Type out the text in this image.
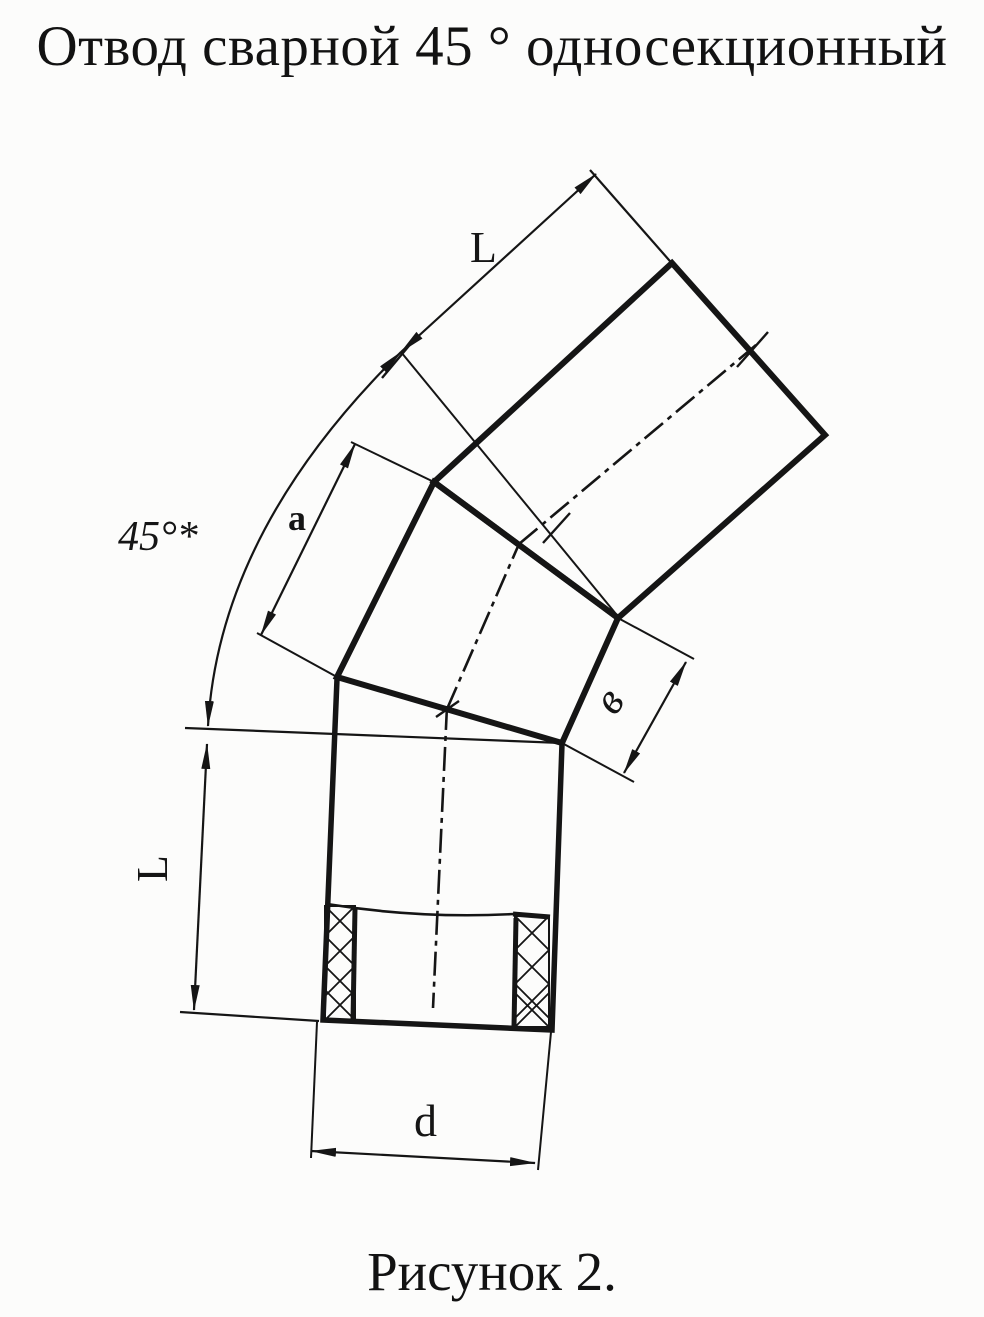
Отвод сварной 45 ° односекционный
L
45°*	a
в
L
d
Рисунок 2.
